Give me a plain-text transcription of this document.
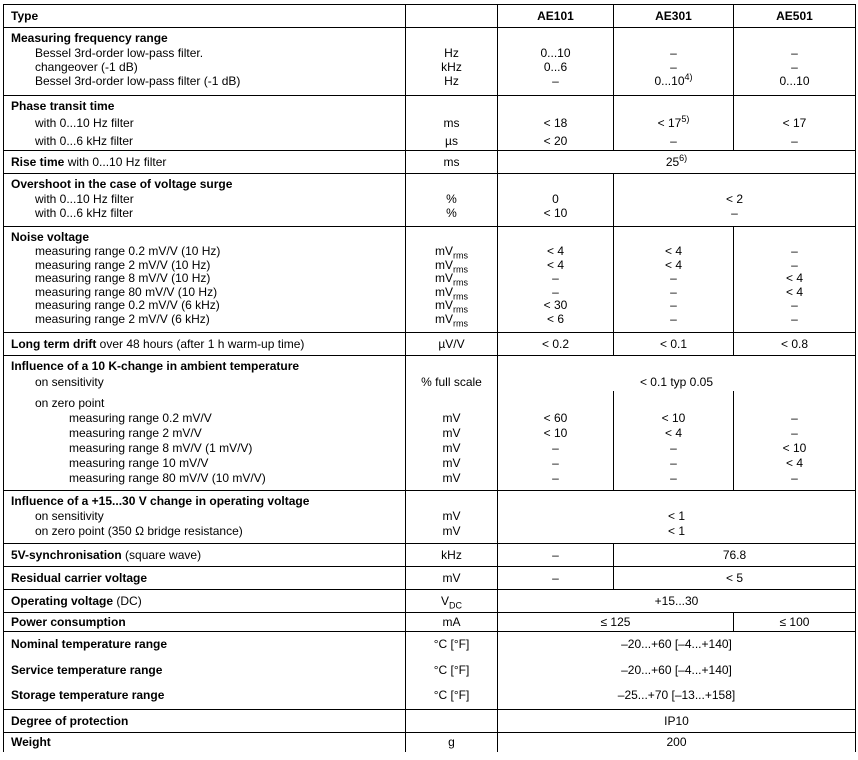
Type		AE101	AE301	AE501
Measuring frequency range				
Bessel 3rd-order low-pass filter.	Hz	0...10	–	–
changeover (-1 dB)	kHz	0...6	–	–
Bessel 3rd-order low-pass filter (-1 dB)	Hz	–	0...10$^{4)}$	0...10
Phase transit time				
with 0...10 Hz filter	ms	< 18	< $17^{5)}$	< 17
with 0...6 kHz filter	µs	< 20	–	–
Rise time with 0...10 Hz filter	ms	25$^{6)}$
Overshoot in the case of voltage surge				
with 0...10 Hz filter	%	0	< 2	
with 0...6 kHz filter	%	< 10	–	
Noise voltage				
measuring range 0.2 mV/V (10 Hz)	$mV_{rms}$	< 4	< 4	–
measuring range 2 mV/V (10 Hz)	$mV_{rms}$	< 4	< 4	–
measuring range 8 mV/V (10 Hz)	$mV_{rms}$	–	–	< 4
measuring range 80 mV/V (10 Hz)	$mV_{rms}$	–	–	< 4
measuring range 0.2 mV/V (6 kHz)	$mV_{rms}$	< 30	–	–
measuring range 2 mV/V (6 kHz)	$mV_{rms}$	< 6	–	–
Long term drift over 48 hours (after 1 h warm-up time)	µV/V	< 0.2	< 0.1	< 0.8
Influence of a 10 K-change in ambient temperature				
on sensitivity	% full scale	< 0.1 typ 0.05		
on zero point				
measuring range 0.2 mV/V	mV	< 60	< 10	–
measuring range 2 mV/V	mV	< 10	< 4	–
measuring range 8 mV/V (1 mV/V)	mV	–	–	< 10
measuring range 10 mV/V	mV	–	–	< 4
measuring range 80 mV/V (10 mV/V)	mV	–	–	–
Influence of a +15...30 V change in operating voltage				
on sensitivity	mV	< 1		
on zero point (350 Ω bridge resistance)	mV	< 1		
5V-synchronisation (square wave)	kHz	–	76.8	
Residual carrier voltage	mV	–	< 5	
Operating voltage (DC)	$V_{DC}$	+15...30		
Power consumption	mA	≤ 125		≤ 100
Nominal temperature range	°C [°F]	–20...+60 [–4...+140]		
Service temperature range	°C [°F]	–20...+60 [–4...+140]		
Storage temperature range	°C [°F]	–25...+70 [–13...+158]		
Degree of protection		IP10		
Weight	g	200		
